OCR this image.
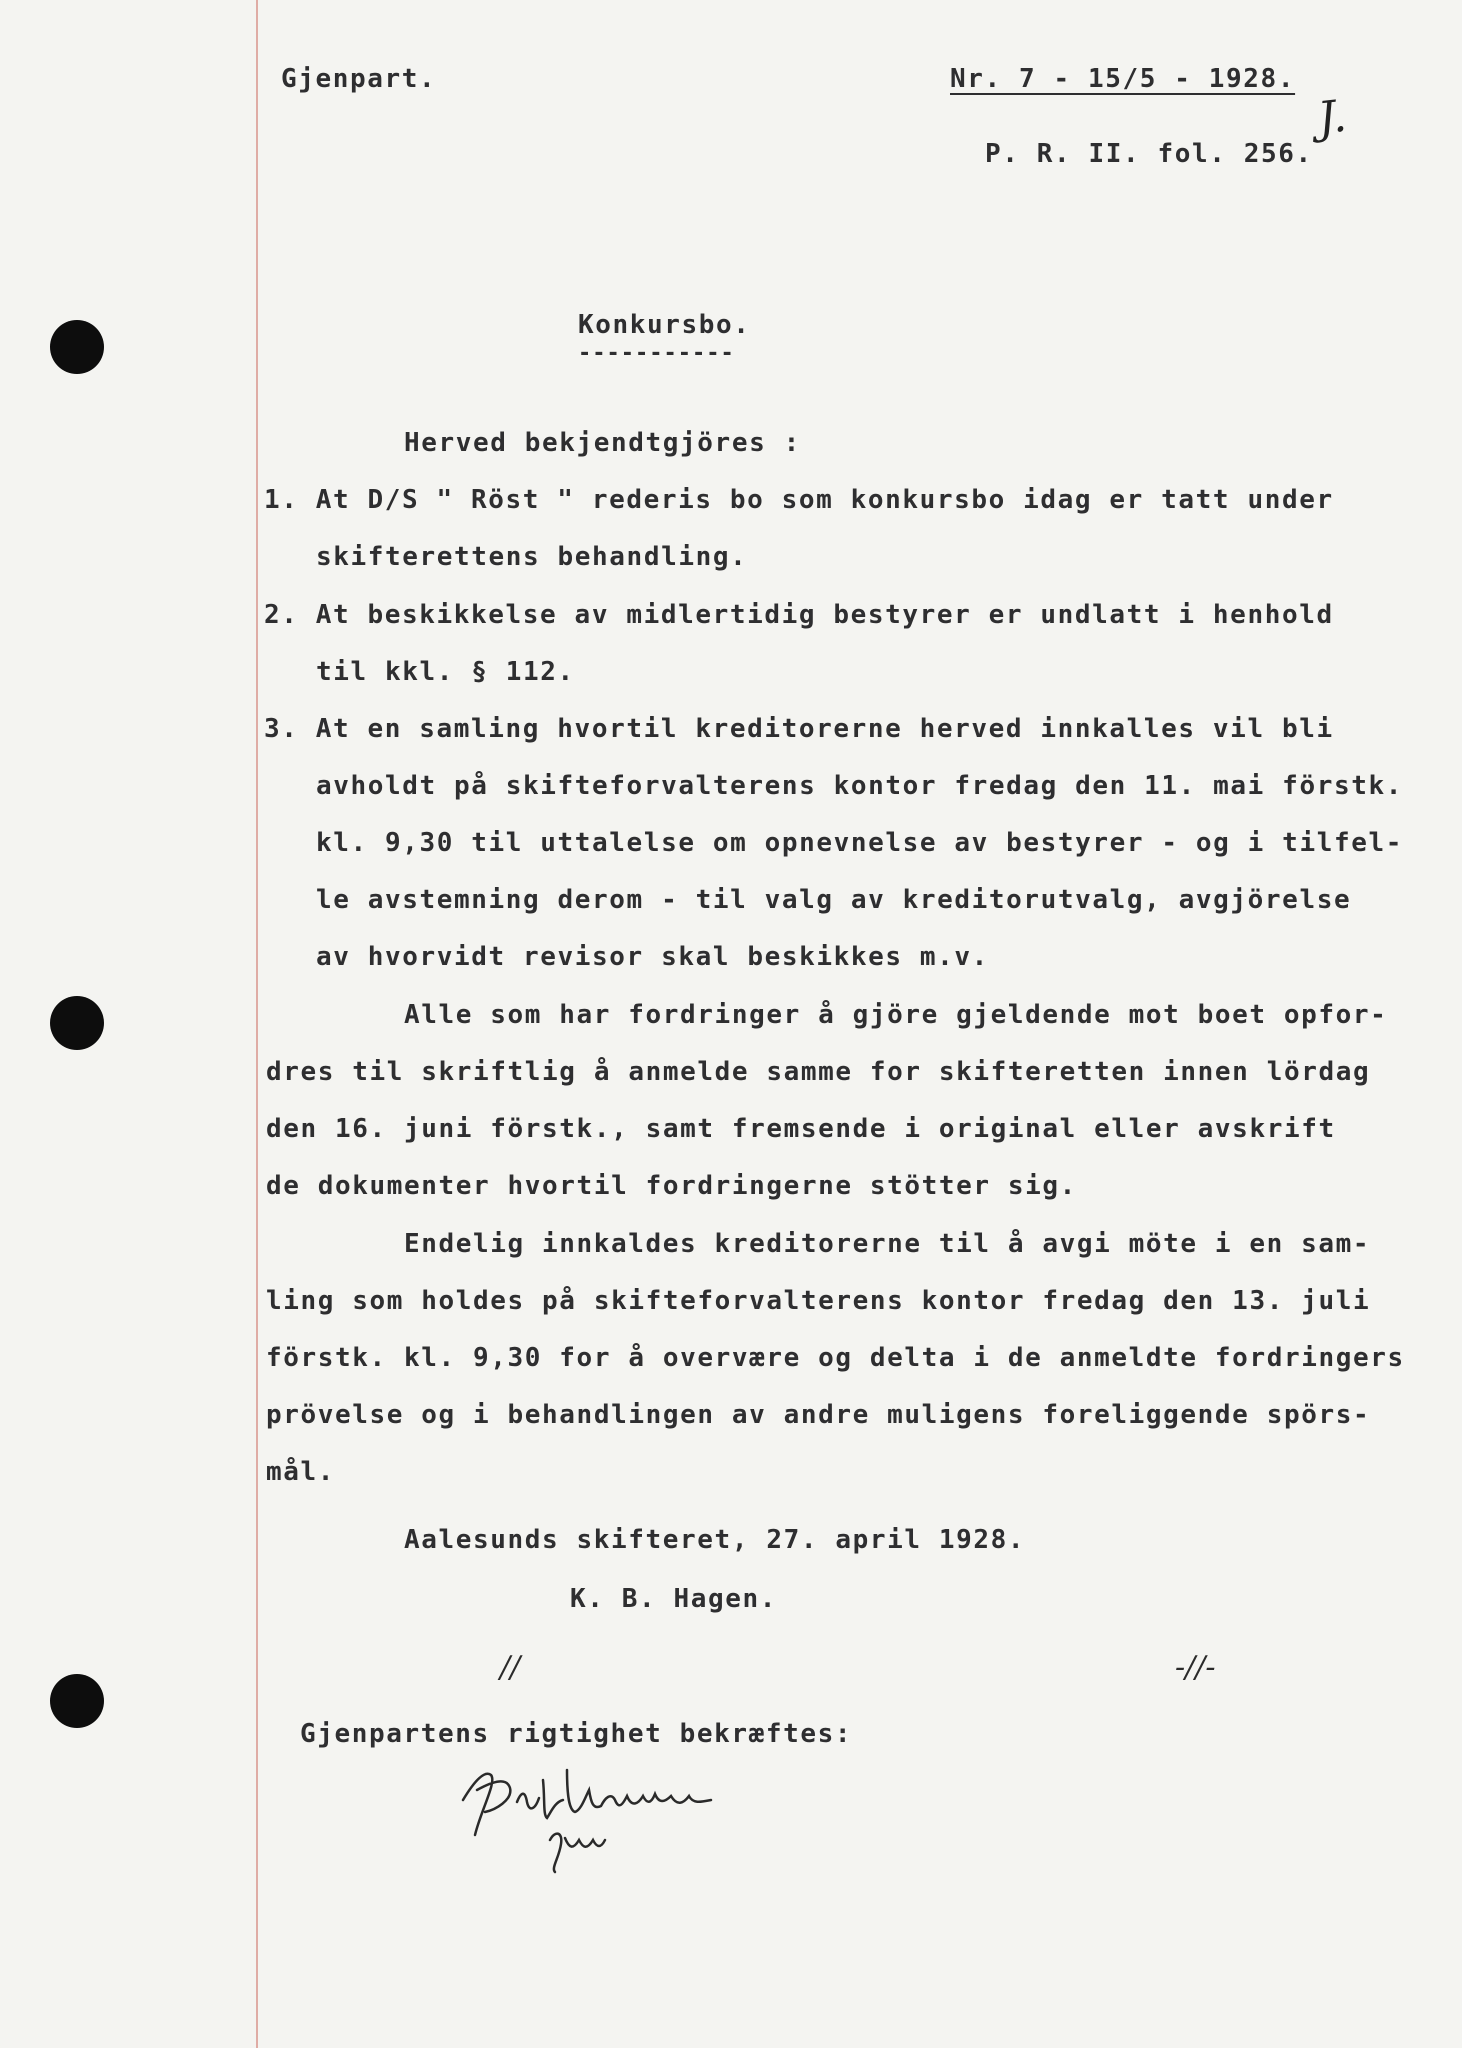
Gjenpart.	Nr. 7 - 15/5 - 1928.
P. R. II. fol. 256.
J.
Konkursbo.
-----------
Herved bekjendtgjöres :
1. At D/S " Röst " rederis bo som konkursbo idag er tatt under
skifterettens behandling.
2. At beskikkelse av midlertidig bestyrer er undlatt i henhold
til kkl. § 112.
3. At en samling hvortil kreditorerne herved innkalles vil bli
avholdt på skifteforvalterens kontor fredag den 11. mai förstk.
kl. 9,30 til uttalelse om opnevnelse av bestyrer - og i tilfel-
le avstemning derom - til valg av kreditorutvalg, avgjörelse
av hvorvidt revisor skal beskikkes m.v.
Alle som har fordringer å gjöre gjeldende mot boet opfor-
dres til skriftlig å anmelde samme for skifteretten innen lördag
den 16. juni förstk., samt fremsende i original eller avskrift
de dokumenter hvortil fordringerne stötter sig.
Endelig innkaldes kreditorerne til å avgi möte i en sam-
ling som holdes på skifteforvalterens kontor fredag den 13. juli
förstk. kl. 9,30 for å overvære og delta i de anmeldte fordringers
prövelse og i behandlingen av andre muligens foreliggende spörs-
mål.
Aalesunds skifteret, 27. april 1928.
K. B. Hagen.
//	-//-
Gjenpartens rigtighet bekræftes:
